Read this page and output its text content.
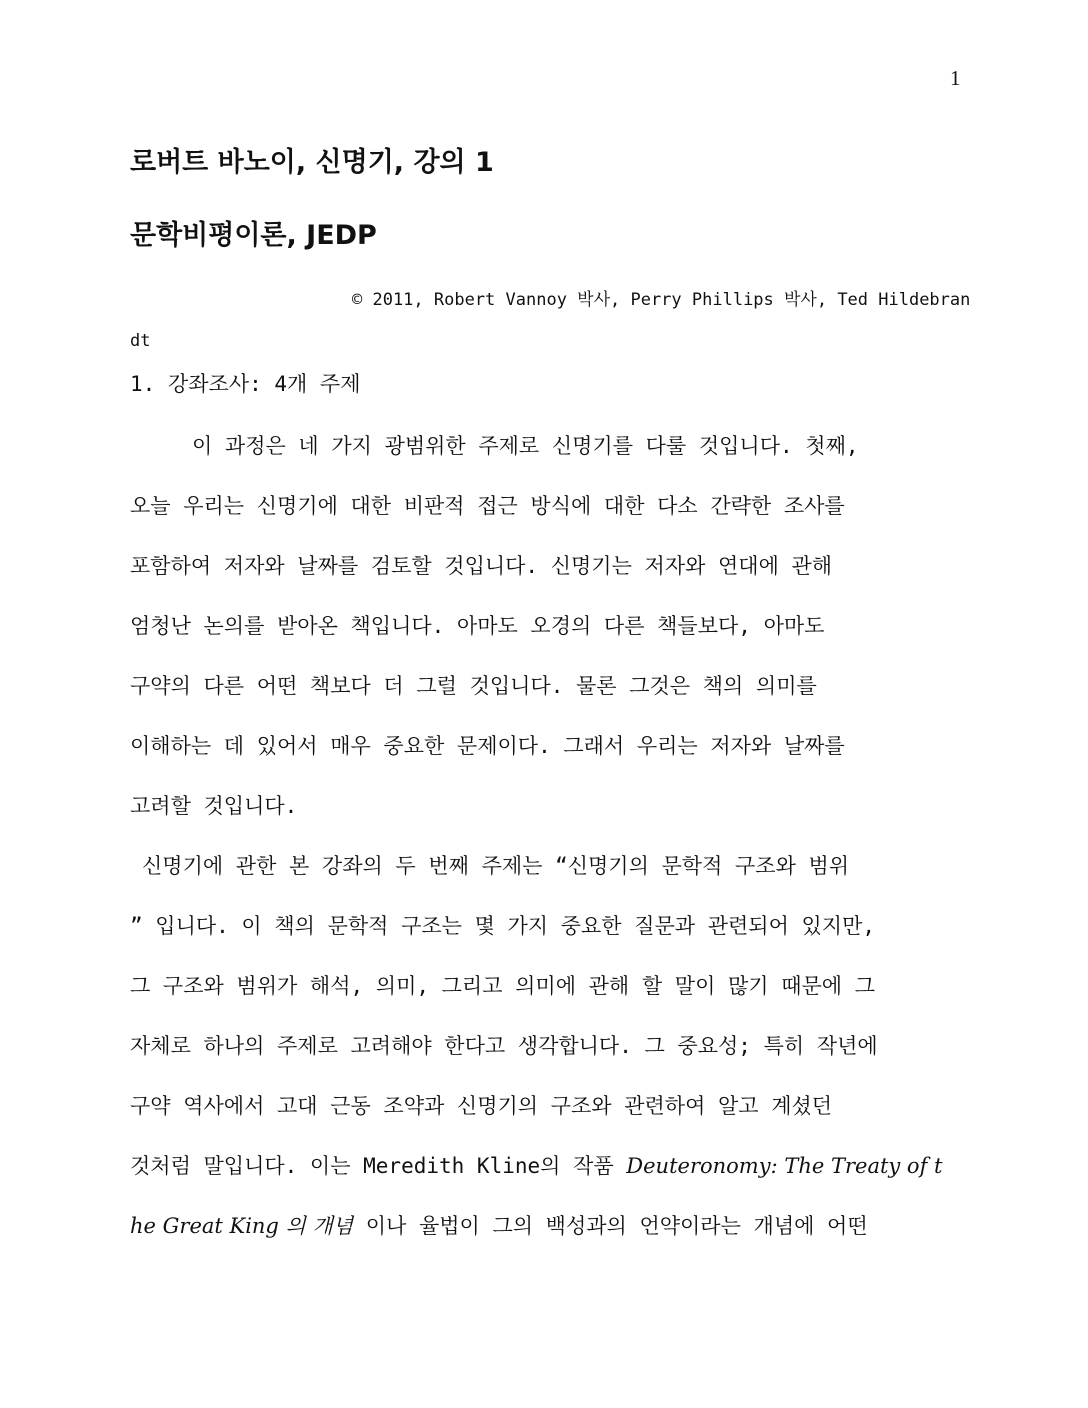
1
로버트 바노이, 신명기, 강의 1
문학비평이론, JEDP
© 2011, Robert Vannoy 박사, Perry Phillips 박사, Ted Hildebran
dt
1. 강좌조사: 4개 주제
이 과정은 네 가지 광범위한 주제로 신명기를 다룰 것입니다. 첫째,
오늘 우리는 신명기에 대한 비판적 접근 방식에 대한 다소 간략한 조사를
포함하여 저자와 날짜를 검토할 것입니다. 신명기는 저자와 연대에 관해
엄청난 논의를 받아온 책입니다. 아마도 오경의 다른 책들보다, 아마도
구약의 다른 어떤 책보다 더 그럴 것입니다. 물론 그것은 책의 의미를
이해하는 데 있어서 매우 중요한 문제이다. 그래서 우리는 저자와 날짜를
고려할 것입니다.
신명기에 관한 본 강좌의 두 번째 주제는 “신명기의 문학적 구조와 범위
” 입니다. 이 책의 문학적 구조는 몇 가지 중요한 질문과 관련되어 있지만,
그 구조와 범위가 해석, 의미, 그리고 의미에 관해 할 말이 많기 때문에 그
자체로 하나의 주제로 고려해야 한다고 생각합니다. 그 중요성; 특히 작년에
구약 역사에서 고대 근동 조약과 신명기의 구조와 관련하여 알고 계셨던
것처럼 말입니다. 이는 Meredith Kline의 작품 Deuteronomy: The Treaty of t
he Great King 의 개념 이나 율법이 그의 백성과의 언약이라는 개념에 어떤
